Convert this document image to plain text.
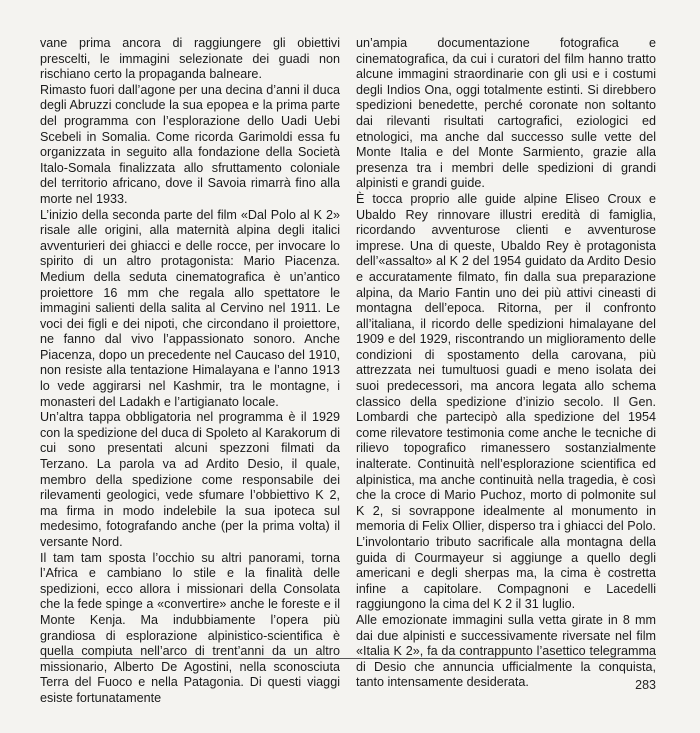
vane prima ancora di raggiungere gli obiettivi prescelti, le immagini selezionate dei guadi non rischiano certo la propaganda balneare.

Rimasto fuori dall’agone per una decina d’anni il duca degli Abruzzi conclude la sua epopea e la prima parte del programma con l’esplorazione dello Uadi Uebi Scebeli in Somalia. Come ricorda Garimoldi essa fu organizzata in seguito alla fondazione della Società Italo-Somala finalizzata allo sfruttamento coloniale del territorio africano, dove il Savoia rimarrà fino alla morte nel 1933.

L’inizio della seconda parte del film «Dal Polo al K 2» risale alle origini, alla maternità alpina degli italici avventurieri dei ghiacci e delle rocce, per invocare lo spirito di un altro protagonista: Mario Piacenza. Medium della seduta cinematografica è un’antico proiettore 16 mm che regala allo spettatore le immagini salienti della salita al Cervino nel 1911. Le voci dei figli e dei nipoti, che circondano il proiettore, ne fanno dal vivo l’appassionato sonoro. Anche Piacenza, dopo un precedente nel Caucaso del 1910, non resiste alla tentazione Himalayana e l’anno 1913 lo vede aggirarsi nel Kashmir, tra le montagne, i monasteri del Ladakh e l’artigianato locale.

Un’altra tappa obbligatoria nel programma è il 1929 con la spedizione del duca di Spoleto al Karakorum di cui sono presentati alcuni spezzoni filmati da Terzano. La parola va ad Ardito Desio, il quale, membro della spedizione come responsabile dei rilevamenti geologici, vede sfumare l’obbiettivo K 2, ma firma in modo indelebile la sua ipoteca sul medesimo, fotografando anche (per la prima volta) il versante Nord.

Il tam tam sposta l’occhio su altri panorami, torna l’Africa e cambiano lo stile e la finalità delle spedizioni, ecco allora i missionari della Consolata che la fede spinge a «convertire» anche le foreste e il Monte Kenja. Ma indubbiamente l’opera più grandiosa di esplorazione alpinistico-scientifica è quella compiuta nell’arco di trent’anni da un altro missionario, Alberto De Agostini, nella sconosciuta Terra del Fuoco e nella Patagonia. Di questi viaggi esiste fortunatamente

un’ampia documentazione fotografica e cinematografica, da cui i curatori del film hanno tratto alcune immagini straordinarie con gli usi e i costumi degli Indios Ona, oggi totalmente estinti. Si direbbero spedizioni benedette, perché coronate non soltanto dai rilevanti risultati cartografici, eziologici ed etnologici, ma anche dal successo sulle vette del Monte Italia e del Monte Sarmiento, grazie alla presenza tra i membri delle spedizioni di grandi alpinisti e grandi guide.

È tocca proprio alle guide alpine Eliseo Croux e Ubaldo Rey rinnovare illustri eredità di famiglia, ricordando avventurose clienti e avventurose imprese. Una di queste, Ubaldo Rey è protagonista dell’«assalto» al K 2 del 1954 guidato da Ardito Desio e accuratamente filmato, fin dalla sua preparazione alpina, da Mario Fantin uno dei più attivi cineasti di montagna dell’epoca. Ritorna, per il confronto all’italiana, il ricordo delle spedizioni himalayane del 1909 e del 1929, riscontrando un miglioramento delle condizioni di spostamento della carovana, più attrezzata nei tumultuosi guadi e meno isolata dei suoi predecessori, ma ancora legata allo schema classico della spedizione d’inizio secolo. Il Gen. Lombardi che partecipò alla spedizione del 1954 come rilevatore testimonia come anche le tecniche di rilievo topografico rimanessero sostanzialmente inalterate. Continuità nell’esplorazione scientifica ed alpinistica, ma anche continuità nella tragedia, è così che la croce di Mario Puchoz, morto di polmonite sul K 2, si sovrappone idealmente al monumento in memoria di Felix Ollier, disperso tra i ghiacci del Polo. L’involontario tributo sacrificale alla montagna della guida di Courmayeur si aggiunge a quello degli americani e degli sherpas ma, la cima è costretta infine a capitolare. Compagnoni e Lacedelli raggiungono la cima del K 2 il 31 luglio.

Alle emozionate immagini sulla vetta girate in 8 mm dai due alpinisti e successivamente riversate nel film «Italia K 2», fa da contrappunto l’asettico telegramma di Desio che annuncia ufficialmente la conquista, tanto intensamente desiderata.	283
